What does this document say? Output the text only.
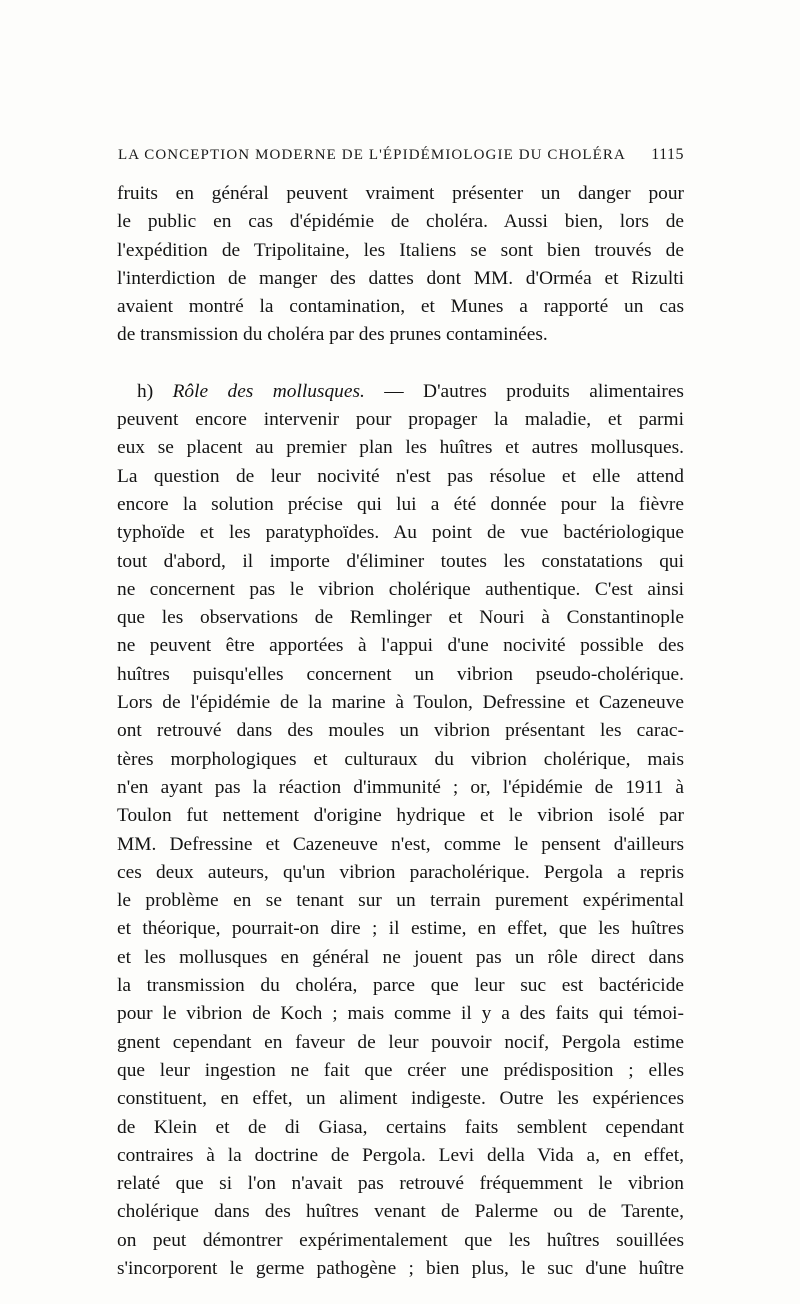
LA CONCEPTION MODERNE DE L'ÉPIDÉMIOLOGIE DU CHOLÉRA 1115
fruits en général peuvent vraiment présenter un danger pour
le public en cas d'épidémie de choléra. Aussi bien, lors de
l'expédition de Tripolitaine, les Italiens se sont bien trouvés de
l'interdiction de manger des dattes dont MM. d'Orméa et Rizulti
avaient montré la contamination, et Munes a rapporté un cas
de transmission du choléra par des prunes contaminées.
h) Rôle des mollusques. — D'autres produits alimentaires
peuvent encore intervenir pour propager la maladie, et parmi
eux se placent au premier plan les huîtres et autres mollusques.
La question de leur nocivité n'est pas résolue et elle attend
encore la solution précise qui lui a été donnée pour la fièvre
typhoïde et les paratyphoïdes. Au point de vue bactériologique
tout d'abord, il importe d'éliminer toutes les constatations qui
ne concernent pas le vibrion cholérique authentique. C'est ainsi
que les observations de Remlinger et Nouri à Constantinople
ne peuvent être apportées à l'appui d'une nocivité possible des
huîtres puisqu'elles concernent un vibrion pseudo-cholérique.
Lors de l'épidémie de la marine à Toulon, Defressine et Cazeneuve
ont retrouvé dans des moules un vibrion présentant les carac-
tères morphologiques et culturaux du vibrion cholérique, mais
n'en ayant pas la réaction d'immunité ; or, l'épidémie de 1911 à
Toulon fut nettement d'origine hydrique et le vibrion isolé par
MM. Defressine et Cazeneuve n'est, comme le pensent d'ailleurs
ces deux auteurs, qu'un vibrion paracholérique. Pergola a repris
le problème en se tenant sur un terrain purement expérimental
et théorique, pourrait-on dire ; il estime, en effet, que les huîtres
et les mollusques en général ne jouent pas un rôle direct dans
la transmission du choléra, parce que leur suc est bactéricide
pour le vibrion de Koch ; mais comme il y a des faits qui témoi-
gnent cependant en faveur de leur pouvoir nocif, Pergola estime
que leur ingestion ne fait que créer une prédisposition ; elles
constituent, en effet, un aliment indigeste. Outre les expériences
de Klein et de di Giasa, certains faits semblent cependant
contraires à la doctrine de Pergola. Levi della Vida a, en effet,
relaté que si l'on n'avait pas retrouvé fréquemment le vibrion
cholérique dans des huîtres venant de Palerme ou de Tarente,
on peut démontrer expérimentalement que les huîtres souillées
s'incorporent le germe pathogène ; bien plus, le suc d'une huître
